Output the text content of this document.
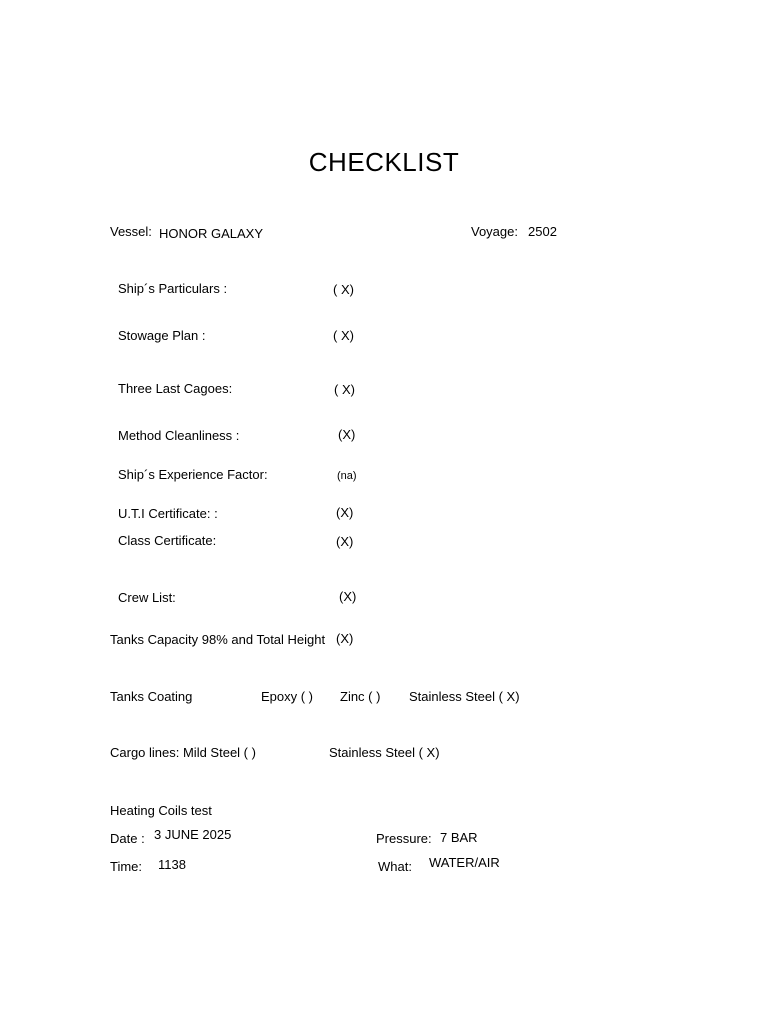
CHECKLIST
Vessel: HONOR GALAXY	Voyage: 2502
Ship´s Particulars :	( X)
Stowage Plan :	( X)
Three Last Cagoes:	( X)
Method Cleanliness :	(X)
Ship´s Experience Factor:	(na)
U.T.I Certificate: :	(X)
Class Certificate:	(X)
Crew List:	(X)
Tanks Capacity 98% and Total Height (X)
Tanks Coating	Epoxy ( ) Zinc ( ) Stainless Steel ( X)
Cargo lines: Mild Steel ( )	Stainless Steel ( X)
Heating Coils test
Date : 3 JUNE 2025	Pressure: 7 BAR
Time: 1138	What: WATER/AIR
